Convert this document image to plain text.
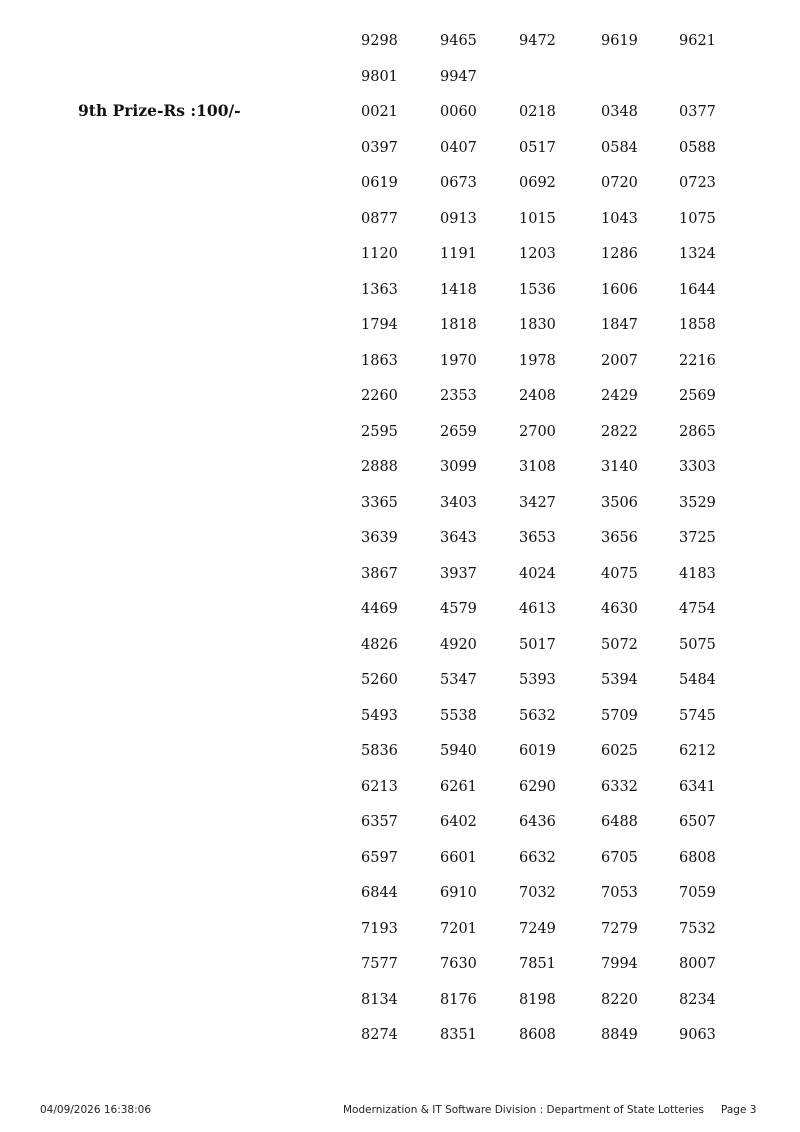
9th Prize-Rs :100/-
9298	9465	9472	9619	9621
9801	9947
0021	0060	0218	0348	0377
0397	0407	0517	0584	0588
0619	0673	0692	0720	0723
0877	0913	1015	1043	1075
1120	1191	1203	1286	1324
1363	1418	1536	1606	1644
1794	1818	1830	1847	1858
1863	1970	1978	2007	2216
2260	2353	2408	2429	2569
2595	2659	2700	2822	2865
2888	3099	3108	3140	3303
3365	3403	3427	3506	3529
3639	3643	3653	3656	3725
3867	3937	4024	4075	4183
4469	4579	4613	4630	4754
4826	4920	5017	5072	5075
5260	5347	5393	5394	5484
5493	5538	5632	5709	5745
5836	5940	6019	6025	6212
6213	6261	6290	6332	6341
6357	6402	6436	6488	6507
6597	6601	6632	6705	6808
6844	6910	7032	7053	7059
7193	7201	7249	7279	7532
7577	7630	7851	7994	8007
8134	8176	8198	8220	8234
8274	8351	8608	8849	9063
04/09/2026 16:38:06	Modernization & IT Software Division : Department of State Lotteries Page 3
